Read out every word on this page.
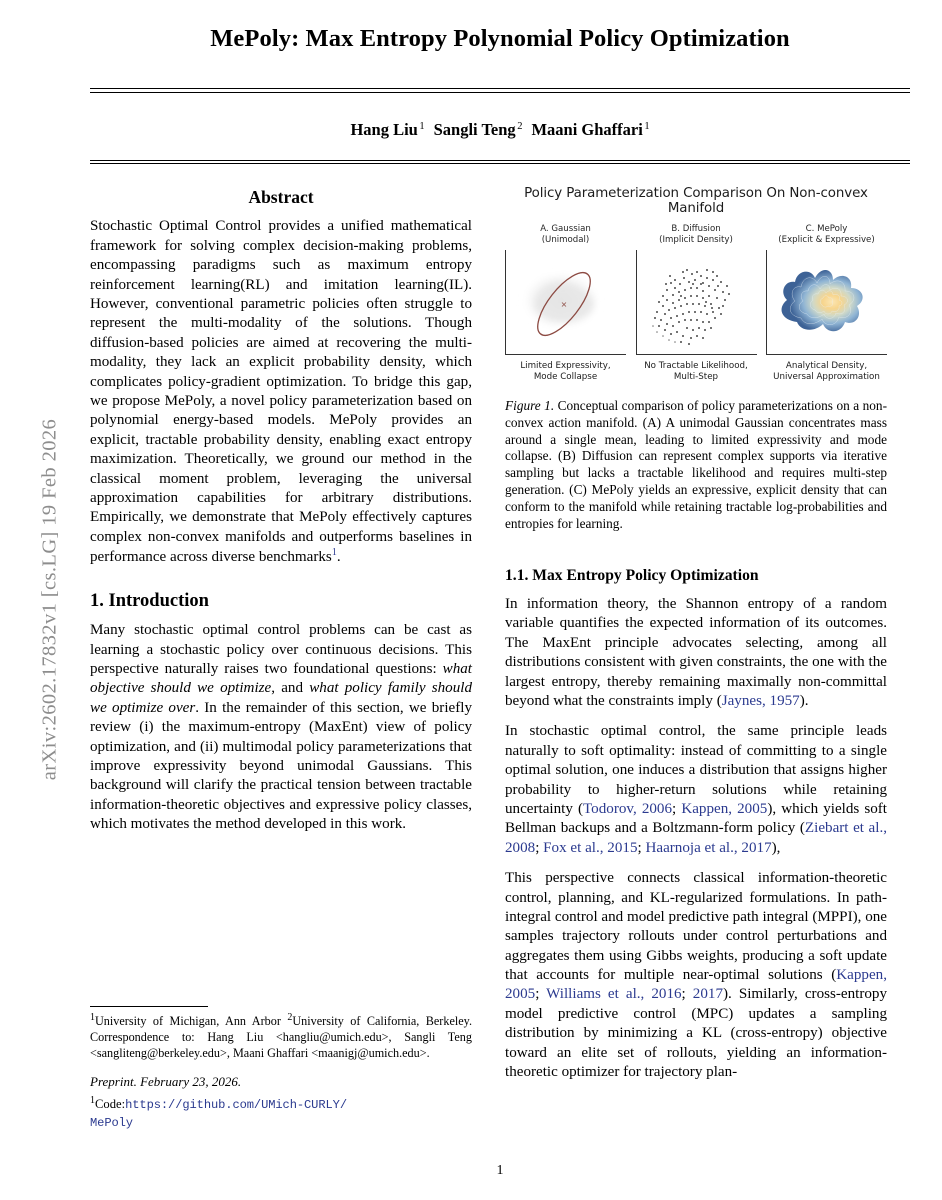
arXiv:2602.17832v1 [cs.LG] 19 Feb 2026
MePoly: Max Entropy Polynomial Policy Optimization
Hang Liu $^1$ Sangli Teng $^2$ Maani Ghaffari $^1$
Abstract
Stochastic Optimal Control provides a unified mathematical framework for solving complex decision-making problems, encompassing paradigms such as maximum entropy reinforcement learning(RL) and imitation learning(IL). However, conventional parametric policies often struggle to represent the multi-modality of the solutions. Though diffusion-based policies are aimed at recovering the multi-modality, they lack an explicit probability density, which complicates policy-gradient optimization. To bridge this gap, we propose MePoly, a novel policy parameterization based on polynomial energy-based models. MePoly provides an explicit, tractable probability density, enabling exact entropy maximization. Theoretically, we ground our method in the classical moment problem, leveraging the universal approximation capabilities for arbitrary distributions. Empirically, we demonstrate that MePoly effectively captures complex non-convex manifolds and outperforms baselines in performance across diverse benchmarks$^1$.
1. Introduction

Many stochastic optimal control problems can be cast as learning a stochastic policy over continuous decisions. This perspective naturally raises two foundational questions: what objective should we optimize, and what policy family should we optimize over. In the remainder of this section, we briefly review (i) the maximum-entropy (MaxEnt) view of policy optimization, and (ii) multimodal policy parameterizations that improve expressivity beyond unimodal Gaussians. This background will clarify the practical tension between tractable information-theoretic objectives and expressive policy classes, which motivates the method developed in this work.

$^1$University of Michigan, Ann Arbor $^2$University of California, Berkeley. Correspondence to: Hang Liu <hangliu@umich.edu>, Sangli Teng <sangliteng@berkeley.edu>, Maani Ghaffari <maanigj@umich.edu>.
Preprint. February 23, 2026.
$^1$Code:https://github.com/UMich-CURLY/
MePoly
Policy Parameterization Comparison On Non-convex Manifold
A. Gaussian
(Unimodal)
×
Limited Expressivity,
Mode Collapse
B. Diffusion
(Implicit Density)
No Tractable Likelihood,
Multi-Step
C. MePoly
(Explicit & Expressive)
Analytical Density,
Universal Approximation
Figure 1. Conceptual comparison of policy parameterizations on a non-convex action manifold. (A) A unimodal Gaussian concentrates mass around a single mean, leading to limited expressivity and mode collapse. (B) Diffusion can represent complex supports via iterative sampling but lacks a tractable likelihood and requires multi-step generation. (C) MePoly yields an expressive, explicit density that can conform to the manifold while retaining tractable log-probabilities and entropies for learning.
1.1. Max Entropy Policy Optimization

In information theory, the Shannon entropy of a random variable quantifies the expected information of its outcomes. The MaxEnt principle advocates selecting, among all distributions consistent with given constraints, the one with the largest entropy, thereby remaining maximally non-committal beyond what the constraints imply (Jaynes, 1957).

In stochastic optimal control, the same principle leads naturally to soft optimality: instead of committing to a single optimal solution, one induces a distribution that assigns higher probability to higher-return solutions while retaining uncertainty (Todorov, 2006; Kappen, 2005), which yields soft Bellman backups and a Boltzmann-form policy (Ziebart et al., 2008; Fox et al., 2015; Haarnoja et al., 2017),

This perspective connects classical information-theoretic control, planning, and KL-regularized formulations. In path-integral control and model predictive path integral (MPPI), one samples trajectory rollouts under control perturbations and aggregates them using Gibbs weights, producing a soft update that accounts for multiple near-optimal solutions (Kappen, 2005; Williams et al., 2016; 2017). Similarly, cross-entropy model predictive control (MPC) updates a sampling distribution by minimizing a KL (cross-entropy) objective toward an elite set of rollouts, yielding an information-theoretic optimizer for trajectory plan-

1
